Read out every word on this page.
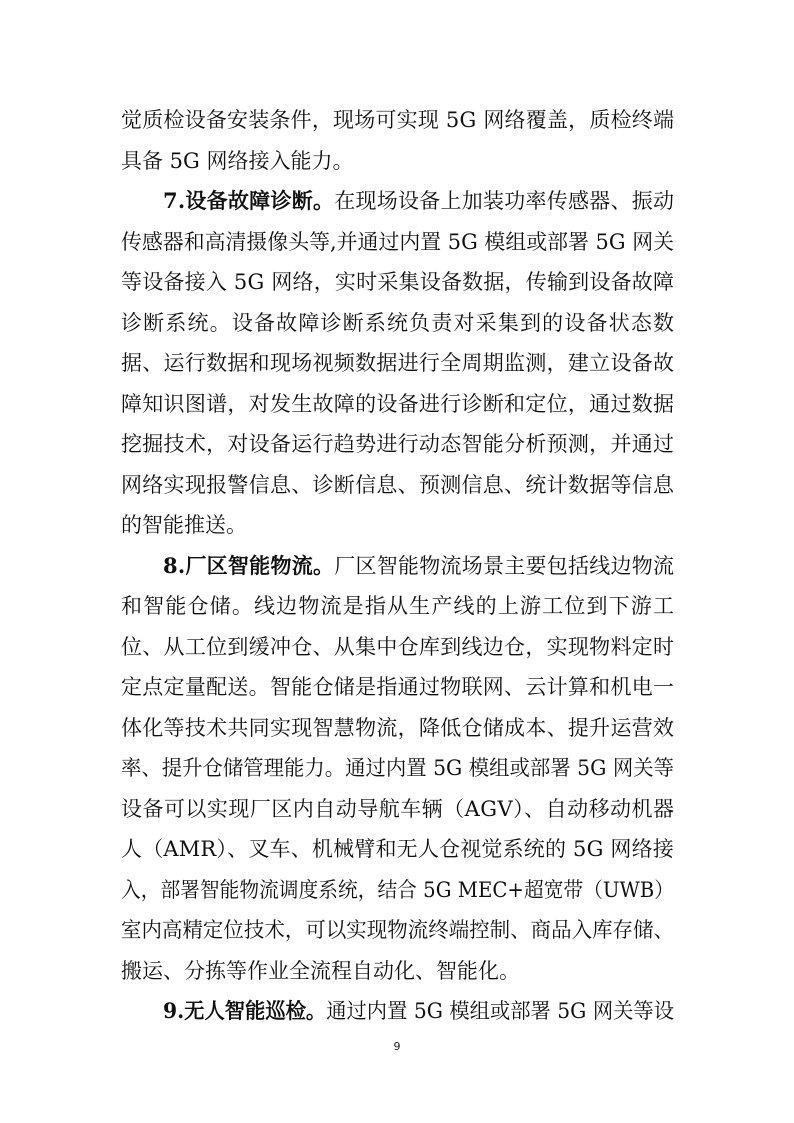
觉质检设备安装条件，现场可实现 5G 网络覆盖，质检终端
具备 5G 网络接入能力。
7.设备故障诊断。在现场设备上加装功率传感器、振动
传感器和高清摄像头等,并通过内置 5G 模组或部署 5G 网关
等设备接入 5G 网络，实时采集设备数据，传输到设备故障
诊断系统。设备故障诊断系统负责对采集到的设备状态数
据、运行数据和现场视频数据进行全周期监测，建立设备故
障知识图谱，对发生故障的设备进行诊断和定位，通过数据
挖掘技术，对设备运行趋势进行动态智能分析预测，并通过
网络实现报警信息、诊断信息、预测信息、统计数据等信息
的智能推送。
8.厂区智能物流。厂区智能物流场景主要包括线边物流
和智能仓储。线边物流是指从生产线的上游工位到下游工
位、从工位到缓冲仓、从集中仓库到线边仓，实现物料定时
定点定量配送。智能仓储是指通过物联网、云计算和机电一
体化等技术共同实现智慧物流，降低仓储成本、提升运营效
率、提升仓储管理能力。通过内置 5G 模组或部署 5G 网关等
设备可以实现厂区内自动导航车辆（AGV）、自动移动机器
人（AMR）、叉车、机械臂和无人仓视觉系统的 5G 网络接
入，部署智能物流调度系统，结合 5G MEC+超宽带（UWB）
室内高精定位技术，可以实现物流终端控制、商品入库存储、
搬运、分拣等作业全流程自动化、智能化。
9.无人智能巡检。通过内置 5G 模组或部署 5G 网关等设
9
